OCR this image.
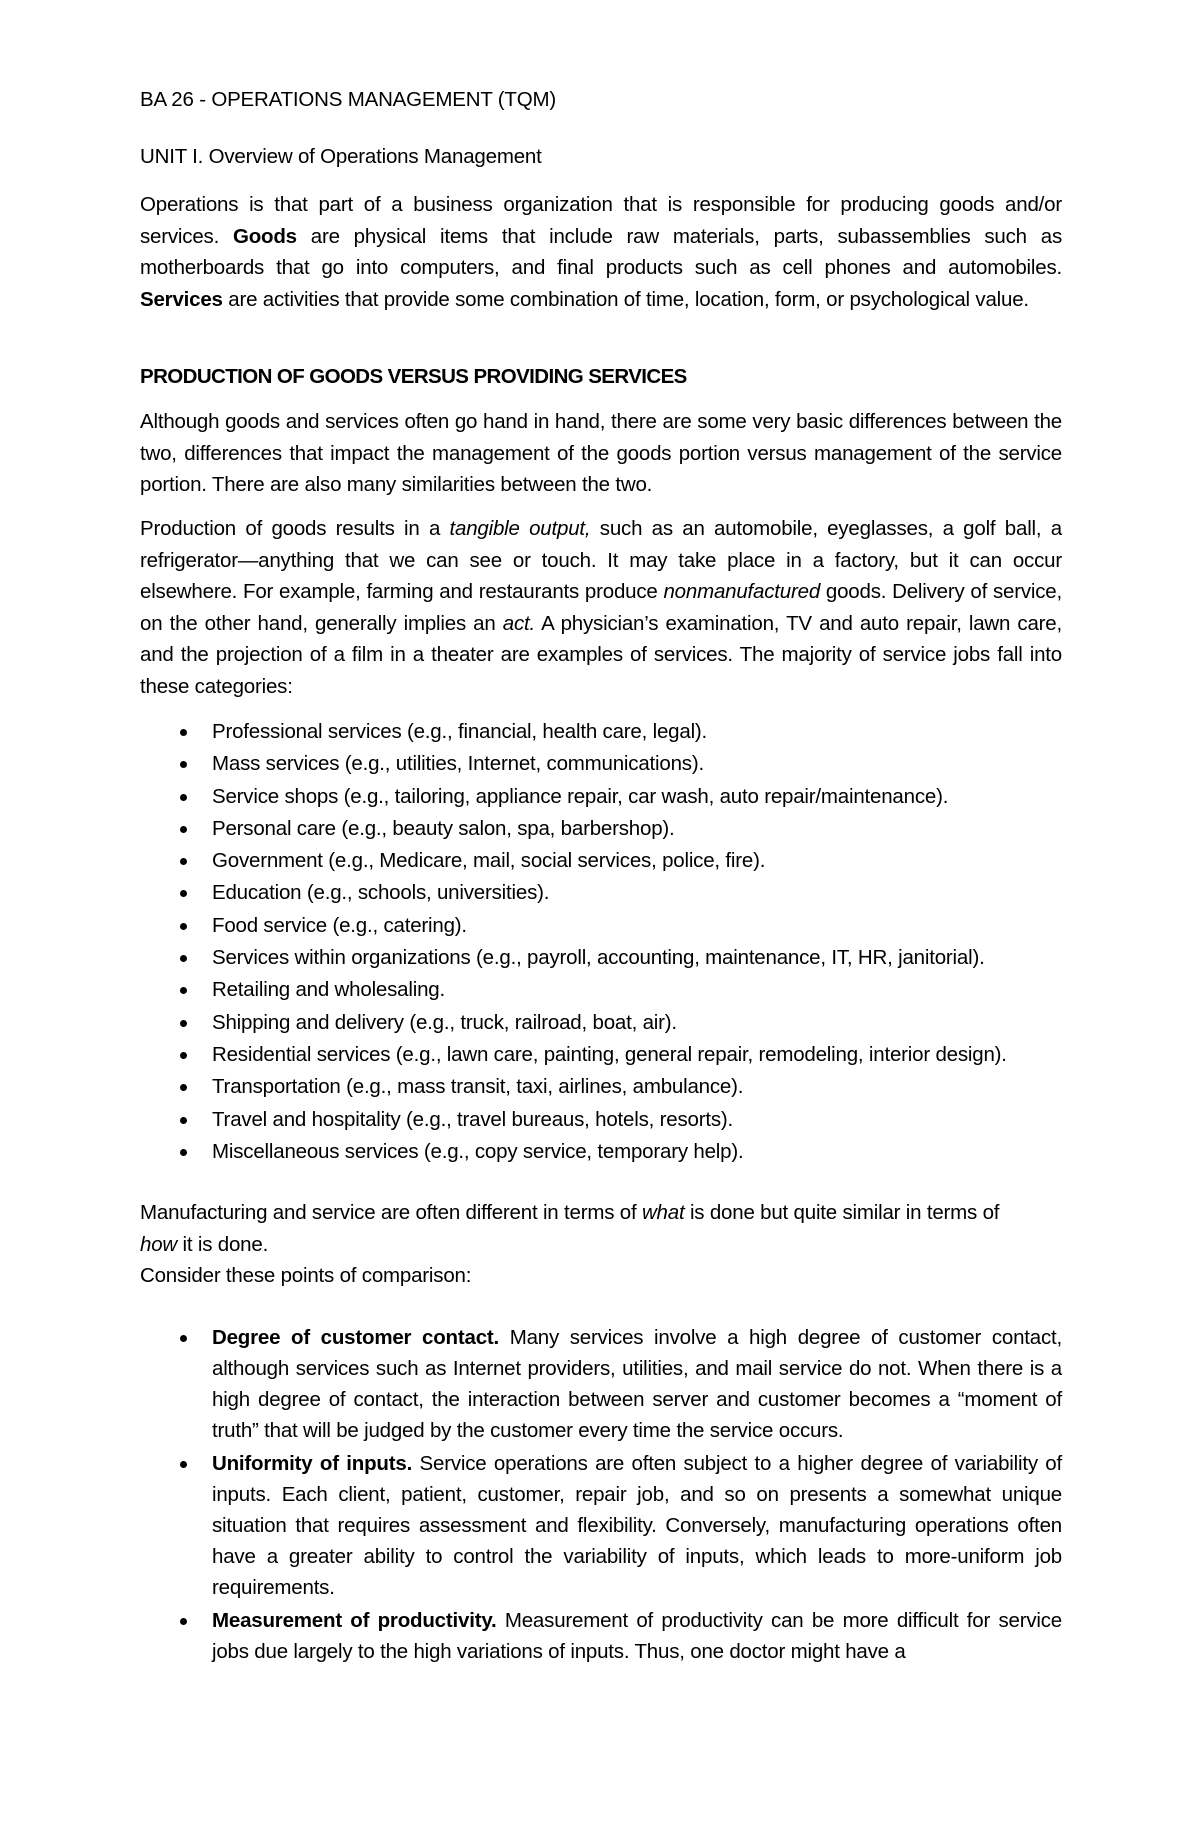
BA 26 - OPERATIONS MANAGEMENT (TQM)
UNIT I. Overview of Operations Management

Operations is that part of a business organization that is responsible for producing goods and/or services. Goods are physical items that include raw materials, parts, subassemblies such as motherboards that go into computers, and final products such as cell phones and automobiles. Services are activities that provide some combination of time, location, form, or psychological value.

PRODUCTION OF GOODS VERSUS PROVIDING SERVICES

Although goods and services often go hand in hand, there are some very basic differences between the two, differences that impact the management of the goods portion versus management of the service portion. There are also many similarities between the two.

Production of goods results in a tangible output, such as an automobile, eyeglasses, a golf ball, a refrigerator—anything that we can see or touch. It may take place in a factory, but it can occur elsewhere. For example, farming and restaurants produce nonmanufactured goods. Delivery of service, on the other hand, generally implies an act. A physician’s examination, TV and auto repair, lawn care, and the projection of a film in a theater are examples of services. The majority of service jobs fall into these categories:

Professional services (e.g., financial, health care, legal).
Mass services (e.g., utilities, Internet, communications).
Service shops (e.g., tailoring, appliance repair, car wash, auto repair/maintenance).
Personal care (e.g., beauty salon, spa, barbershop).
Government (e.g., Medicare, mail, social services, police, fire).
Education (e.g., schools, universities).
Food service (e.g., catering).
Services within organizations (e.g., payroll, accounting, maintenance, IT, HR, janitorial).
Retailing and wholesaling.
Shipping and delivery (e.g., truck, railroad, boat, air).
Residential services (e.g., lawn care, painting, general repair, remodeling, interior design).
Transportation (e.g., mass transit, taxi, airlines, ambulance).
Travel and hospitality (e.g., travel bureaus, hotels, resorts).
Miscellaneous services (e.g., copy service, temporary help).

Manufacturing and service are often different in terms of what is done but quite similar in terms of
how it is done.
Consider these points of comparison:

Degree of customer contact. Many services involve a high degree of customer contact, although services such as Internet providers, utilities, and mail service do not. When there is a high degree of contact, the interaction between server and customer becomes a “moment of truth” that will be judged by the customer every time the service occurs.
Uniformity of inputs. Service operations are often subject to a higher degree of variability of inputs. Each client, patient, customer, repair job, and so on presents a somewhat unique situation that requires assessment and flexibility. Conversely, manufacturing operations often have a greater ability to control the variability of inputs, which leads to more-uniform job requirements.
Measurement of productivity. Measurement of productivity can be more difficult for service jobs due largely to the high variations of inputs. Thus, one doctor might have a
